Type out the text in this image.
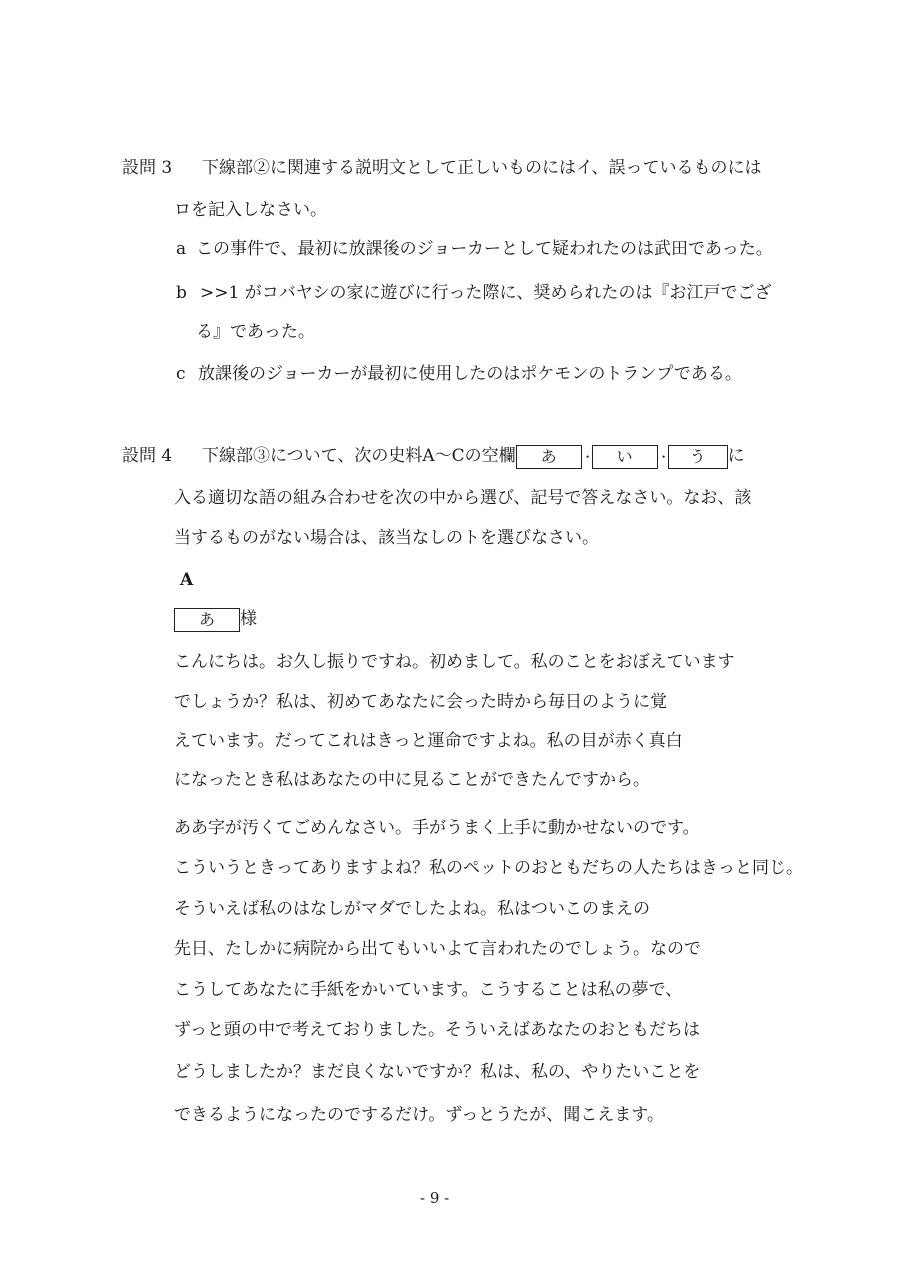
設問 3 下線部②に関連する説明文として正しいものにはイ、誤っているものには
ロを記入しなさい。
a この事件で、最初に放課後のジョーカーとして疑われたのは武田であった。
b >>1 がコバヤシの家に遊びに行った際に、奨められたのは『お江戸でござ
る』であった。
c 放課後のジョーカーが最初に使用したのはポケモンのトランプである。
設問 4 下線部③について、次の史料A〜Cの空欄 あ ・ い ・ う に
入る適切な語の組み合わせを次の中から選び、記号で答えなさい。なお、該
当するものがない場合は、該当なしのトを選びなさい。
A
あ 様
こんにちは。お久し振りですね。初めまして。私のことをおぼえています
でしょうか？私は、初めてあなたに会った時から毎日のように覚
えています。だってこれはきっと運命ですよね。私の目が赤く真白
になったとき私はあなたの中に見ることができたんですから。
ああ字が汚くてごめんなさい。手がうまく上手に動かせないのです。
こういうときってありますよね？私のペットのおともだちの人たちはきっと同じ。
そういえば私のはなしがマダでしたよね。私はついこのまえの
先日、たしかに病院から出てもいいよて言われたのでしょう。なので
こうしてあなたに手紙をかいています。こうすることは私の夢で、
ずっと頭の中で考えておりました。そういえばあなたのおともだちは
どうしましたか？まだ良くないですか？私は、私の、やりたいことを
できるようになったのでするだけ。ずっとうたが、聞こえます。
- 9 -
